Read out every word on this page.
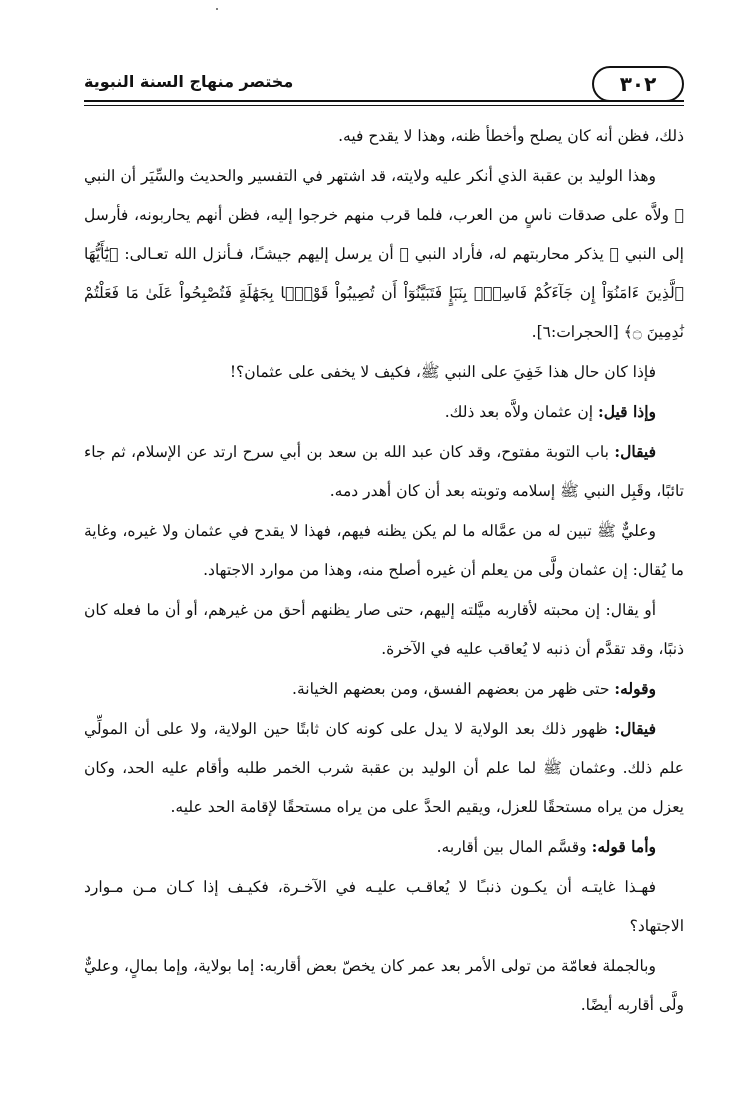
٣٠٢
مختصر منهاج السنة النبوية

ذلك، فظن أنه كان يصلح وأخطأ ظنه، وهذا لا يقدح فيه.

وهذا الوليد بن عقبة الذي أنكر عليه ولايته، قد اشتهر في التفسير والحديث والسِّيَر أن النبي ﷺ ولاَّه على صدقات ناسٍ من العرب، فلما قرب منهم خرجوا إليه، فظن أنهم يحاربونه، فأرسل إلى النبي ﷺ يذكر محاربتهم له، فأراد النبي ﷺ أن يرسل إليهم جيشـًا، فـأنزل الله تعـالى: ﴿يَٰٓأَيُّهَا ٱلَّذِينَ ءَامَنُوٓاْ إِن جَآءَكُمْ فَاسِقٌۢ بِنَبَإٍ فَتَبَيَّنُوٓاْ أَن تُصِيبُواْ قَوْمًۢا بِجَهَٰلَةٍ فَتُصْبِحُواْ عَلَىٰ مَا فَعَلْتُمْ نَٰدِمِينَ ۝﴾ [الحجرات:٦].

فإذا كان حال هذا خَفِيَ على النبي ﷺ، فكيف لا يخفى على عثمان؟!

وإذا قيل: إن عثمان ولاَّه بعد ذلك.

فيقال: باب التوبة مفتوح، وقد كان عبد الله بن سعد بن أبي سرح ارتد عن الإسلام، ثم جاء تائبًا، وقَبِل النبي ﷺ إسلامه وتوبته بعد أن كان أهدر دمه.

وعليٌّ ﷺ تبين له من عمَّاله ما لم يكن يظنه فيهم، فهذا لا يقدح في عثمان ولا غيره، وغاية ما يُقال: إن عثمان ولَّى من يعلم أن غيره أصلح منه، وهذا من موارد الاجتهاد.

أو يقال: إن محبته لأقاربه ميَّلته إليهم، حتى صار يظنهم أحق من غيرهم، أو أن ما فعله كان ذنبًا، وقد تقدَّم أن ذنبه لا يُعاقب عليه في الآخرة.

وقوله: حتى ظهر من بعضهم الفسق، ومن بعضهم الخيانة.

فيقال: ظهور ذلك بعد الولاية لا يدل على كونه كان ثابتًا حين الولاية، ولا على أن المولِّي علم ذلك. وعثمان ﷺ لما علم أن الوليد بن عقبة شرب الخمر طلبه وأقام عليه الحد، وكان يعزل من يراه مستحقًا للعزل، ويقيم الحدَّ على من يراه مستحقًا لإقامة الحد عليه.

وأما قوله: وقسَّم المال بين أقاربه.

فهـذا غايتـه أن يكـون ذنبـًا لا يُعاقـب عليـه في الآخـرة، فكيـف إذا كـان مـن مـوارد الاجتهاد؟

وبالجملة فعامّة من تولى الأمر بعد عمر كان يخصّ بعض أقاربه: إما بولاية، وإما بمالٍ، وعليٌّ ولَّى أقاربه أيضًا.
